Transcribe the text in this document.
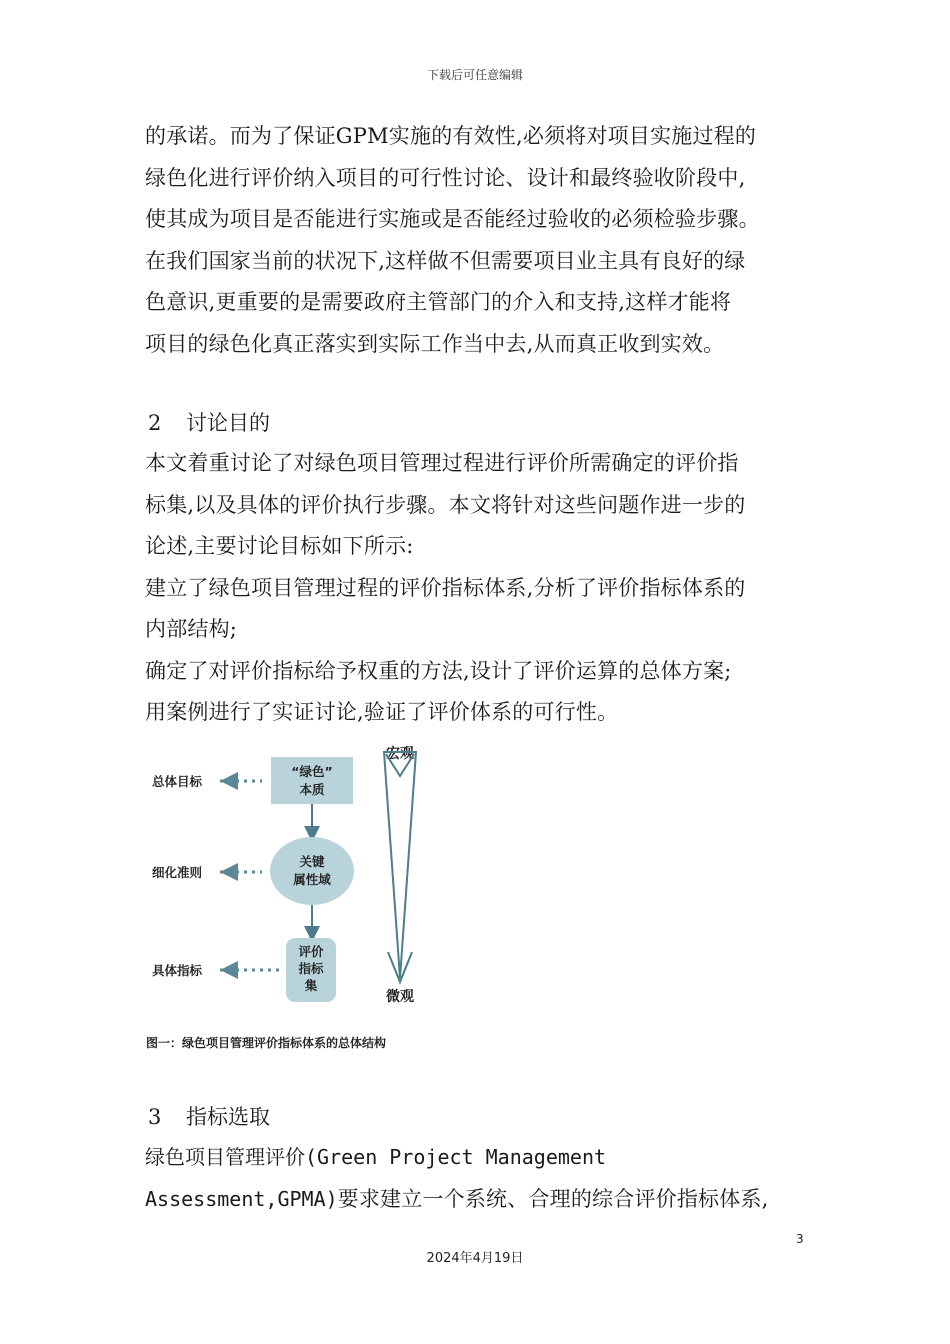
下载后可任意编辑
的承诺。而为了保证GPM实施的有效性,必须将对项目实施过程的
绿色化进行评价纳入项目的可行性讨论、设计和最终验收阶段中,
使其成为项目是否能进行实施或是否能经过验收的必须检验步骤。
在我们国家当前的状况下,这样做不但需要项目业主具有良好的绿
色意识,更重要的是需要政府主管部门的介入和支持,这样才能将
项目的绿色化真正落实到实际工作当中去,从而真正收到实效。
2 讨论目的
本文着重讨论了对绿色项目管理过程进行评价所需确定的评价指
标集,以及具体的评价执行步骤。本文将针对这些问题作进一步的
论述,主要讨论目标如下所示:
建立了绿色项目管理过程的评价指标体系,分析了评价指标体系的
内部结构;
确定了对评价指标给予权重的方法,设计了评价运算的总体方案;
用案例进行了实证讨论,验证了评价体系的可行性。
总体目标
细化准则
具体指标
“绿色”
本质
关键
属性域
评价
指标
集
宏观
微观
图一：绿色项目管理评价指标体系的总体结构
3 指标选取
绿色项目管理评价(Green Project Management
Assessment,GPMA)要求建立一个系统、合理的综合评价指标体系,
3
2024年4月19日
